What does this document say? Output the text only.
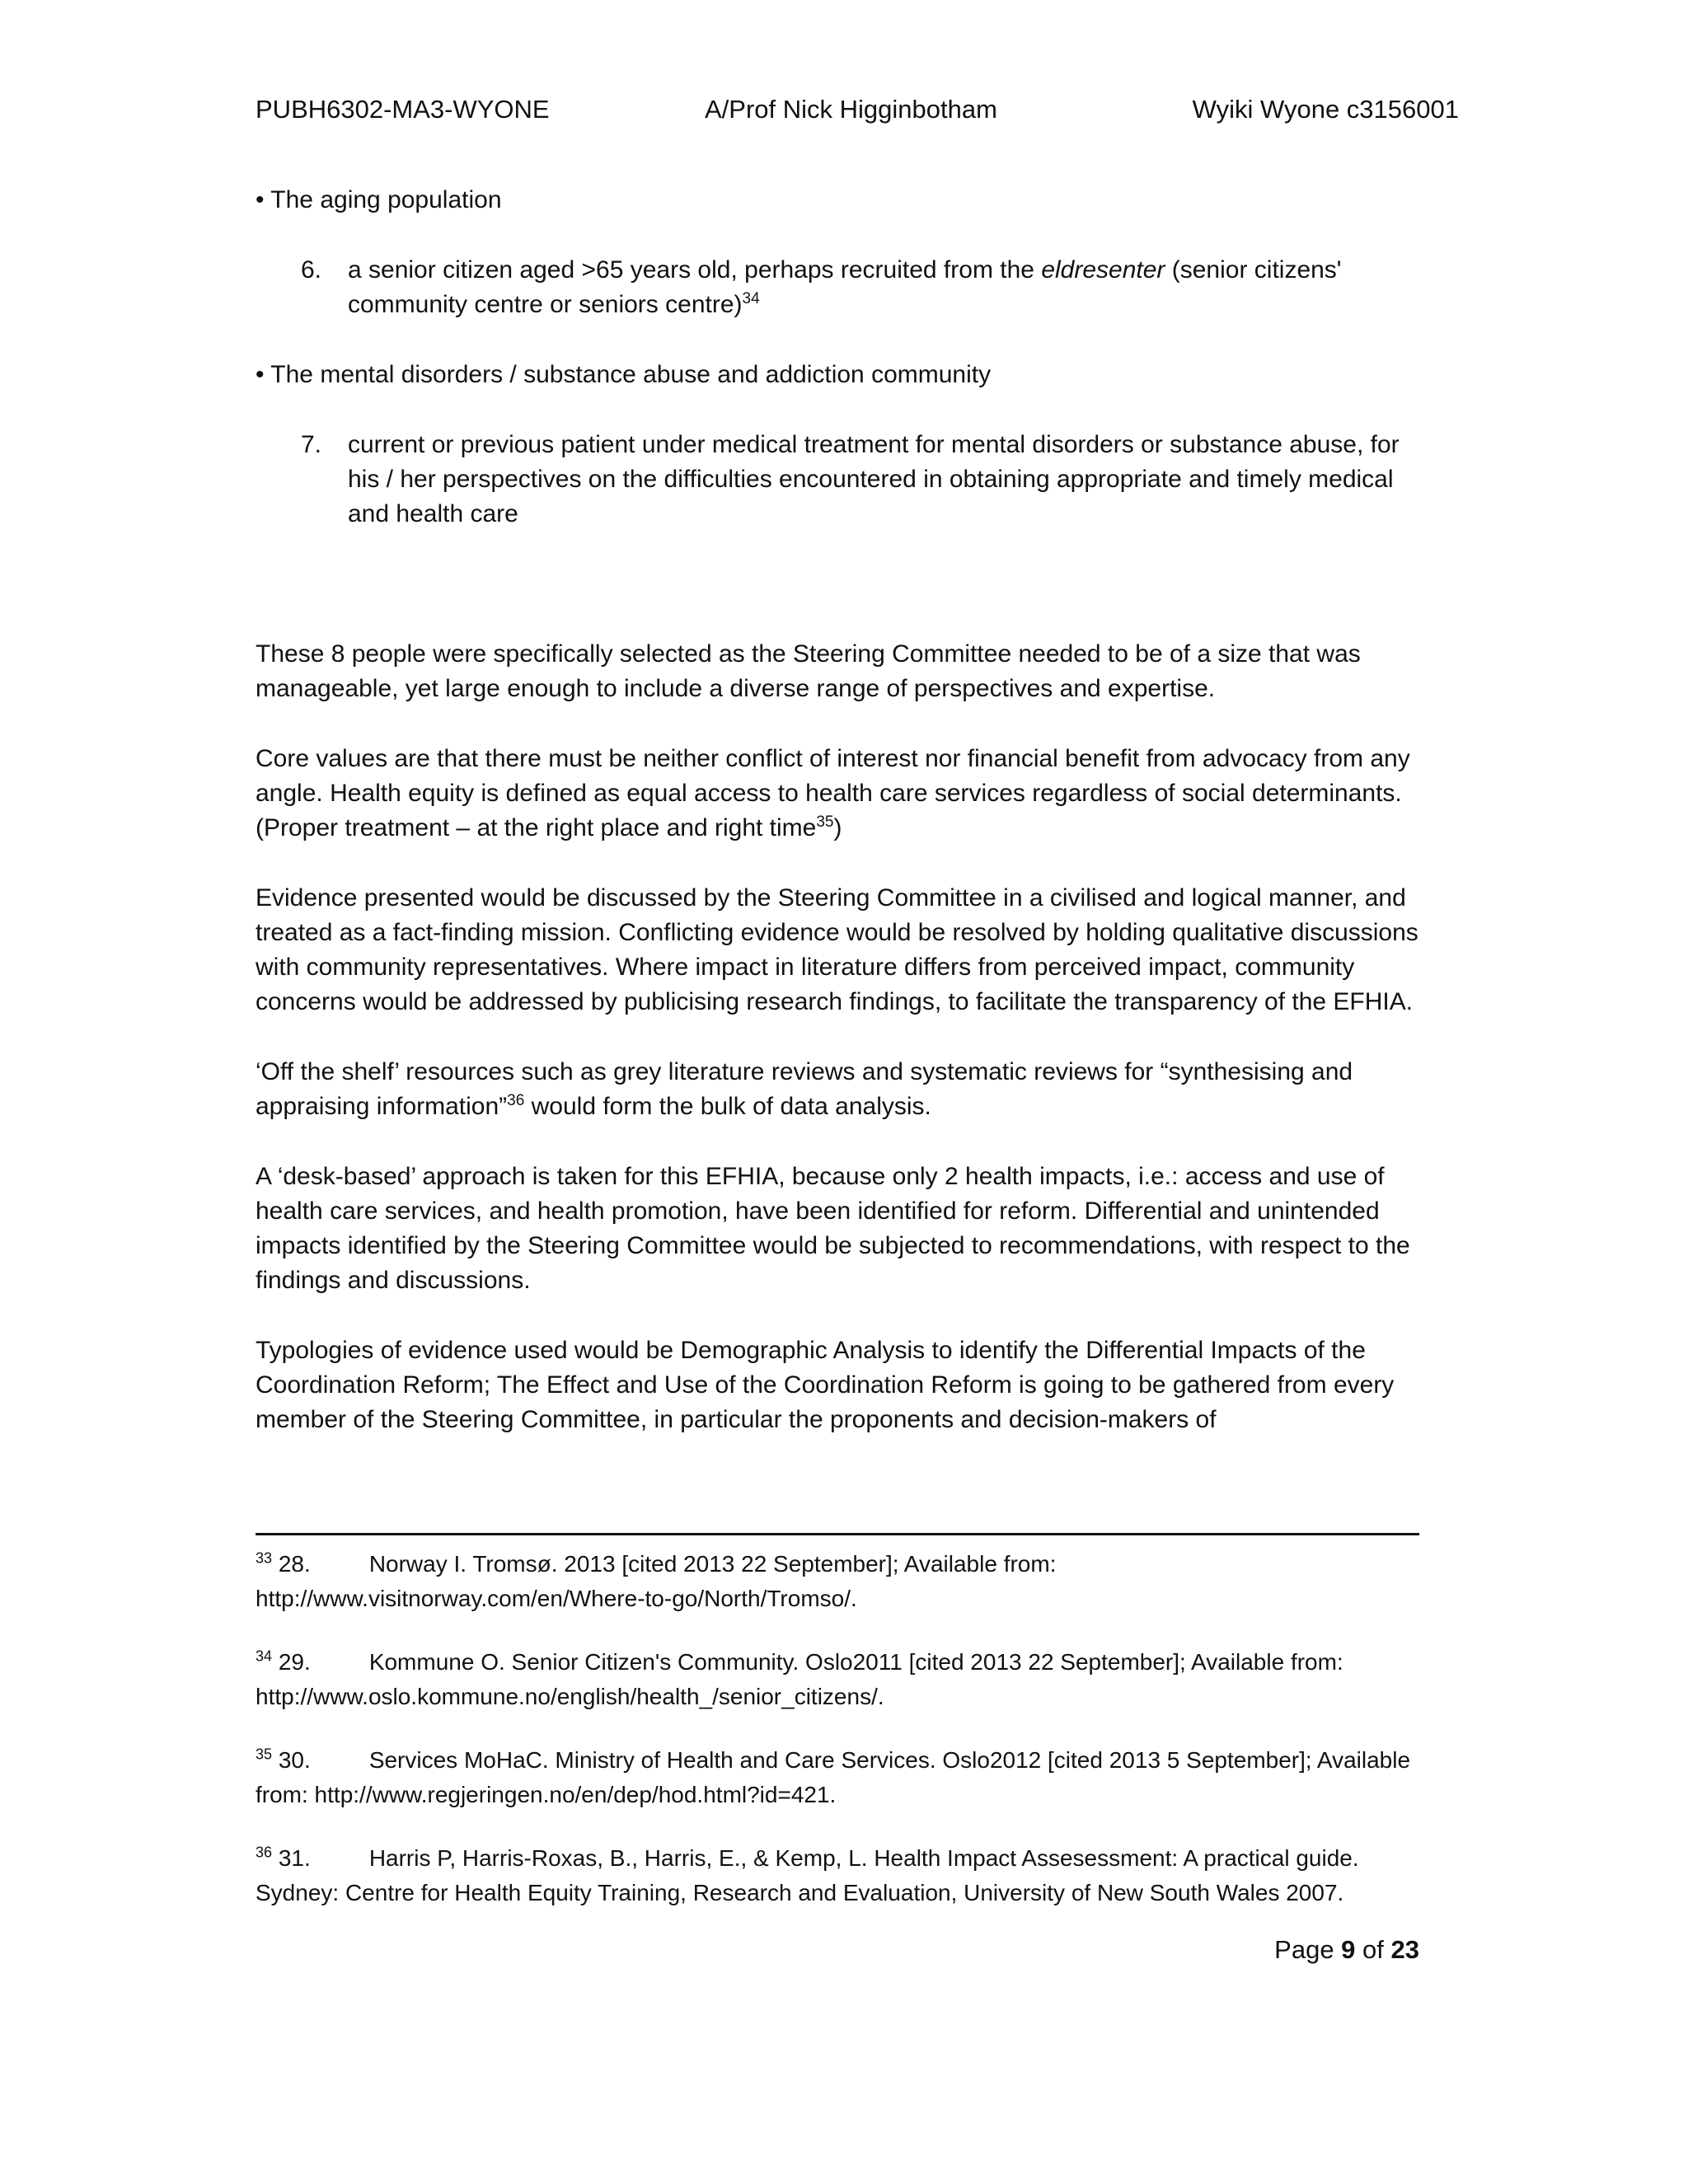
PUBH6302-MA3-WYONE	A/Prof Nick Higginbotham	Wyiki Wyone c3156001

• The aging population

6. a senior citizen aged >65 years old, perhaps recruited from the eldresenter (senior citizens' community centre or seniors centre)$^{34}$

• The mental disorders / substance abuse and addiction community

7. current or previous patient under medical treatment for mental disorders or substance abuse, for his / her perspectives on the difficulties encountered in obtaining appropriate and timely medical and health care

These 8 people were specifically selected as the Steering Committee needed to be of a size that was manageable, yet large enough to include a diverse range of perspectives and expertise.

Core values are that there must be neither conflict of interest nor financial benefit from advocacy from any angle. Health equity is defined as equal access to health care services regardless of social determinants. (Proper treatment – at the right place and right time$^{35}$)

Evidence presented would be discussed by the Steering Committee in a civilised and logical manner, and treated as a fact-finding mission. Conflicting evidence would be resolved by holding qualitative discussions with community representatives. Where impact in literature differs from perceived impact, community concerns would be addressed by publicising research findings, to facilitate the transparency of the EFHIA.

‘Off the shelf’ resources such as grey literature reviews and systematic reviews for “synthesising and appraising information”$^{36}$ would form the bulk of data analysis.

A ‘desk-based’ approach is taken for this EFHIA, because only 2 health impacts, i.e.: access and use of health care services, and health promotion, have been identified for reform. Differential and unintended impacts identified by the Steering Committee would be subjected to recommendations, with respect to the findings and discussions.

Typologies of evidence used would be Demographic Analysis to identify the Differential Impacts of the Coordination Reform; The Effect and Use of the Coordination Reform is going to be gathered from every member of the Steering Committee, in particular the proponents and decision-makers of

$^{33}$ 28.	Norway I. Tromsø. 2013 [cited 2013 22 September]; Available from:
http://www.visitnorway.com/en/Where-to-go/North/Tromso/.

$^{34}$ 29.	Kommune O. Senior Citizen's Community. Oslo2011 [cited 2013 22 September]; Available from:
http://www.oslo.kommune.no/english/health_/senior_citizens/.

$^{35}$ 30.	Services MoHaC. Ministry of Health and Care Services. Oslo2012 [cited 2013 5 September]; Available
from: http://www.regjeringen.no/en/dep/hod.html?id=421.

$^{36}$ 31.	Harris P, Harris-Roxas, B., Harris, E., & Kemp, L. Health Impact Assesessment: A practical guide.
Sydney: Centre for Health Equity Training, Research and Evaluation, University of New South Wales 2007.

Page 9 of 23
